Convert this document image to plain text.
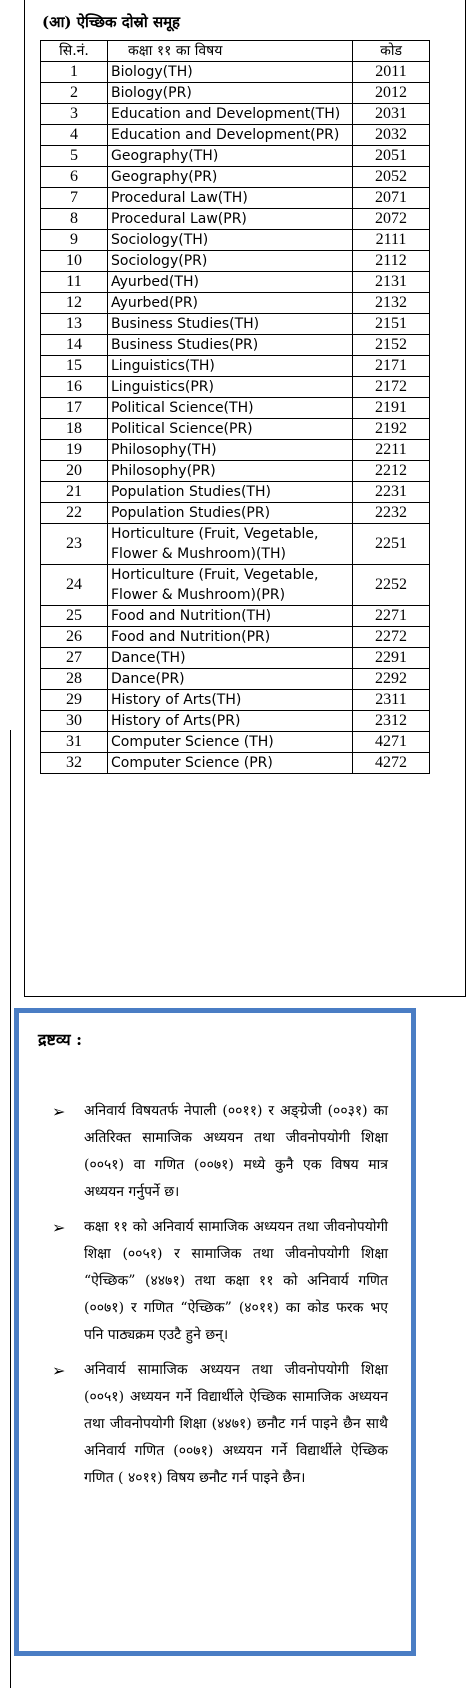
(आ) ऐच्छिक दोस्रो समूह
सि.नं.	कक्षा ११ का विषय	कोड
1	Biology(TH)	2011
2	Biology(PR)	2012
3	Education and Development(TH)	2031
4	Education and Development(PR)	2032
5	Geography(TH)	2051
6	Geography(PR)	2052
7	Procedural Law(TH)	2071
8	Procedural Law(PR)	2072
9	Sociology(TH)	2111
10	Sociology(PR)	2112
11	Ayurbed(TH)	2131
12	Ayurbed(PR)	2132
13	Business Studies(TH)	2151
14	Business Studies(PR)	2152
15	Linguistics(TH)	2171
16	Linguistics(PR)	2172
17	Political Science(TH)	2191
18	Political Science(PR)	2192
19	Philosophy(TH)	2211
20	Philosophy(PR)	2212
21	Population Studies(TH)	2231
22	Population Studies(PR)	2232
23	Horticulture (Fruit, Vegetable, Flower & Mushroom)(TH)	2251
24	Horticulture (Fruit, Vegetable, Flower & Mushroom)(PR)	2252
25	Food and Nutrition(TH)	2271
26	Food and Nutrition(PR)	2272
27	Dance(TH)	2291
28	Dance(PR)	2292
29	History of Arts(TH)	2311
30	History of Arts(PR)	2312
31	Computer Science (TH)	4271
32	Computer Science (PR)	4272
द्रष्टव्य :
➢ अनिवार्य विषयतर्फ नेपाली (००११) र अङ्ग्रेजी (००३१) का अतिरिक्त सामाजिक अध्ययन तथा जीवनोपयोगी शिक्षा (००५१) वा गणित (००७१) मध्ये कुनै एक विषय मात्र अध्ययन गर्नुपर्ने छ।
➢ कक्षा ११ को अनिवार्य सामाजिक अध्ययन तथा जीवनोपयोगी शिक्षा (००५१) र सामाजिक तथा जीवनोपयोगी शिक्षा “ऐच्छिक” (४४७१) तथा कक्षा ११ को अनिवार्य गणित (००७१) र गणित “ऐच्छिक” (४०११) का कोड फरक भए पनि पाठ्यक्रम एउटै हुने छन्।
➢ अनिवार्य सामाजिक अध्ययन तथा जीवनोपयोगी शिक्षा (००५१) अध्ययन गर्ने विद्यार्थीले ऐच्छिक सामाजिक अध्ययन तथा जीवनोपयोगी शिक्षा (४४७१) छनौट गर्न पाइने छैन साथै अनिवार्य गणित (००७१) अध्ययन गर्ने विद्यार्थीले ऐच्छिक गणित ( ४०११) विषय छनौट गर्न पाइने छैन।
